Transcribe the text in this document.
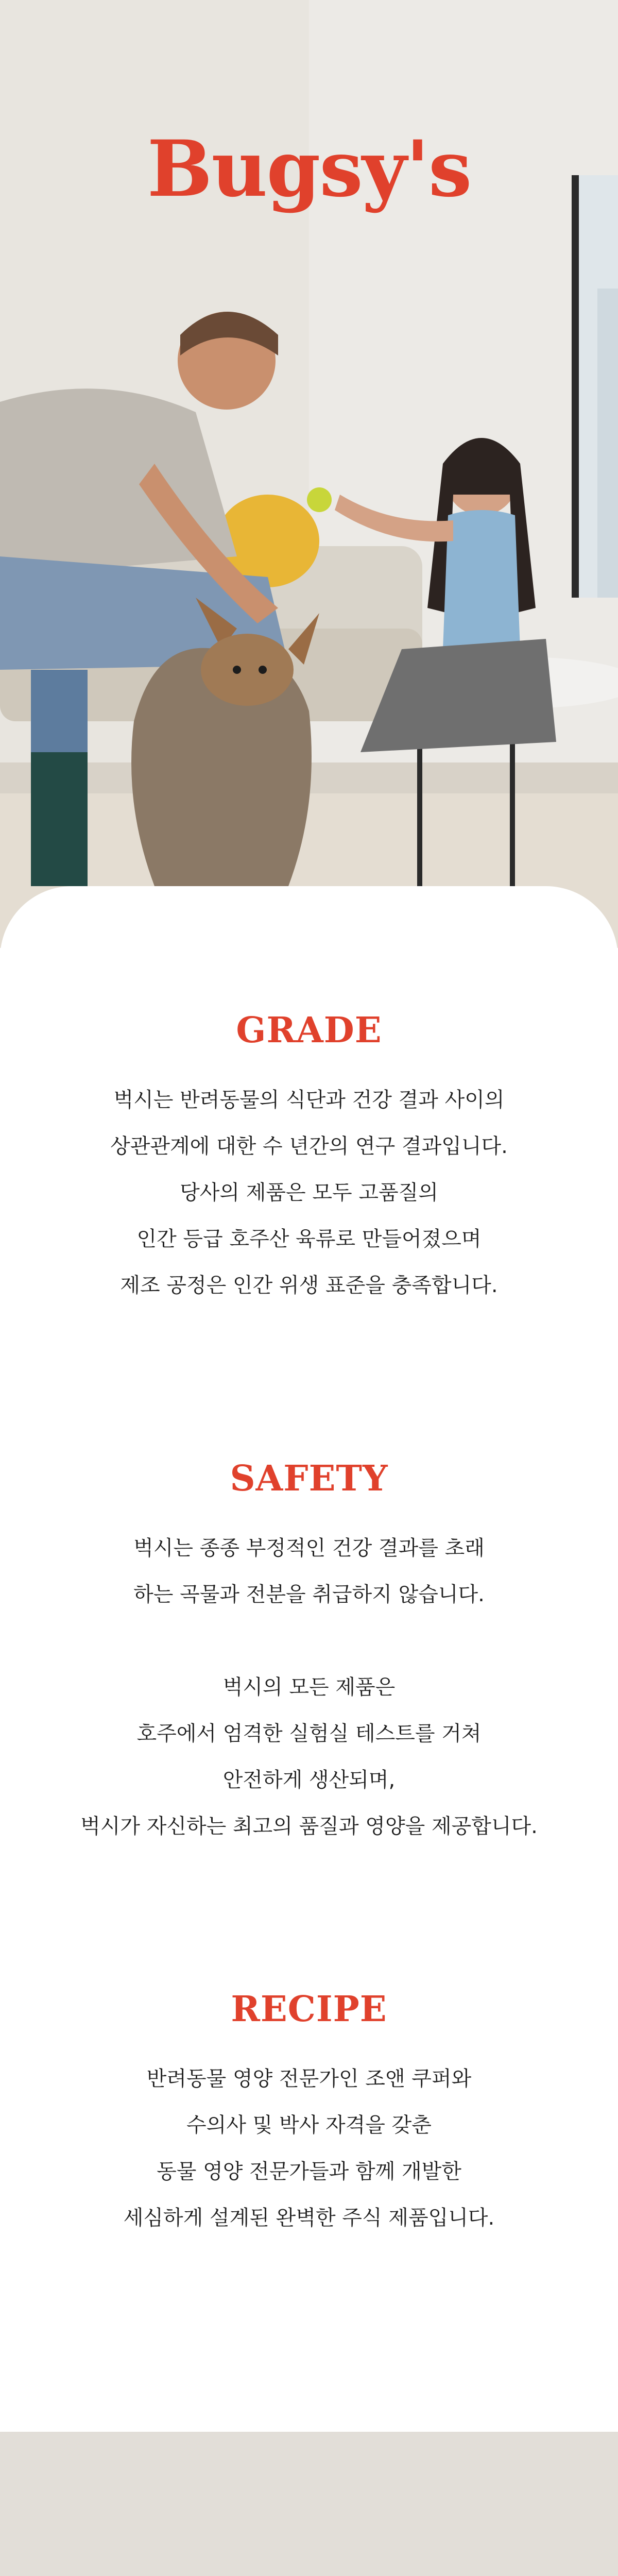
Bugsy's
GRADE
벅시는 반려동물의 식단과 건강 결과 사이의
상관관계에 대한 수 년간의 연구 결과입니다.
당사의 제품은 모두 고품질의
인간 등급 호주산 육류로 만들어졌으며
제조 공정은 인간 위생 표준을 충족합니다.
SAFETY
벅시는 종종 부정적인 건강 결과를 초래
하는 곡물과 전분을 취급하지 않습니다.
벅시의 모든 제품은
호주에서 엄격한 실험실 테스트를 거쳐
안전하게 생산되며,
벅시가 자신하는 최고의 품질과 영양을 제공합니다.
RECIPE
반려동물 영양 전문가인 조앤 쿠퍼와
수의사 및 박사 자격을 갖춘
동물 영양 전문가들과 함께 개발한
세심하게 설계된 완벽한 주식 제품입니다.
